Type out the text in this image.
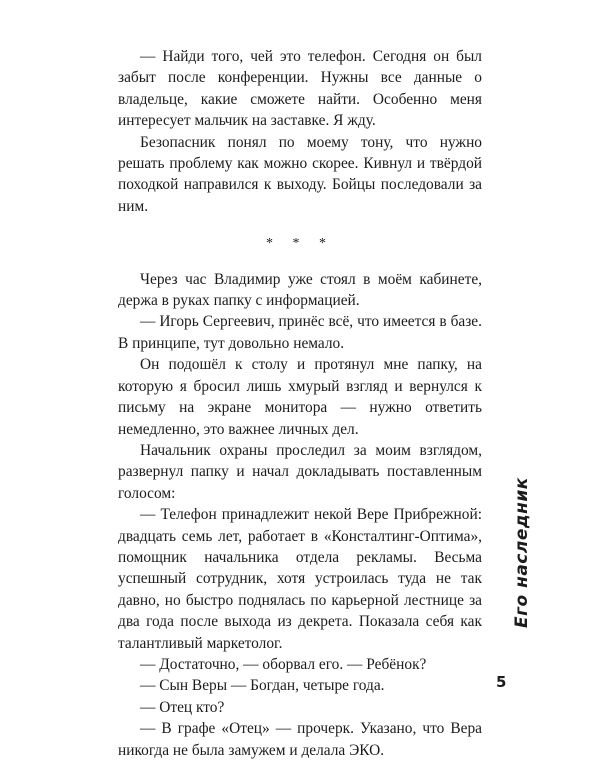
— Найди того, чей это телефон. Сегодня он был забыт после конференции. Нужны все данные о владельце, какие сможете найти. Особенно меня интересует мальчик на заставке. Я жду.

Безопасник понял по моему тону, что нужно решать проблему как можно скорее. Кивнул и твёрдой походкой направился к выходу. Бойцы последовали за ним.

* * *

Через час Владимир уже стоял в моём кабинете, держа в руках папку с информацией.

— Игорь Сергеевич, принёс всё, что имеется в базе. В принципе, тут довольно немало.

Он подошёл к столу и протянул мне папку, на которую я бросил лишь хмурый взгляд и вернулся к письму на экране монитора — нужно ответить немедленно, это важнее личных дел.

Начальник охраны проследил за моим взглядом, развернул папку и начал докладывать поставленным голосом:

— Телефон принадлежит некой Вере Прибрежной: двадцать семь лет, работает в «Констaлтинг-Оптима», помощник начальника отдела рекламы. Весьма успешный сотрудник, хотя устроилась туда не так давно, но быстро поднялась по карьерной лестнице за два года после выхода из декрета. Показала себя как талантливый маркетолог.

— Достаточно, — оборвал его. — Ребёнок?

— Сын Веры — Богдан, четыре года.

— Отец кто?

— В графе «Отец» — прочерк. Указано, что Вера никогда не была замужем и делала ЭКО.

Его наследник
5
